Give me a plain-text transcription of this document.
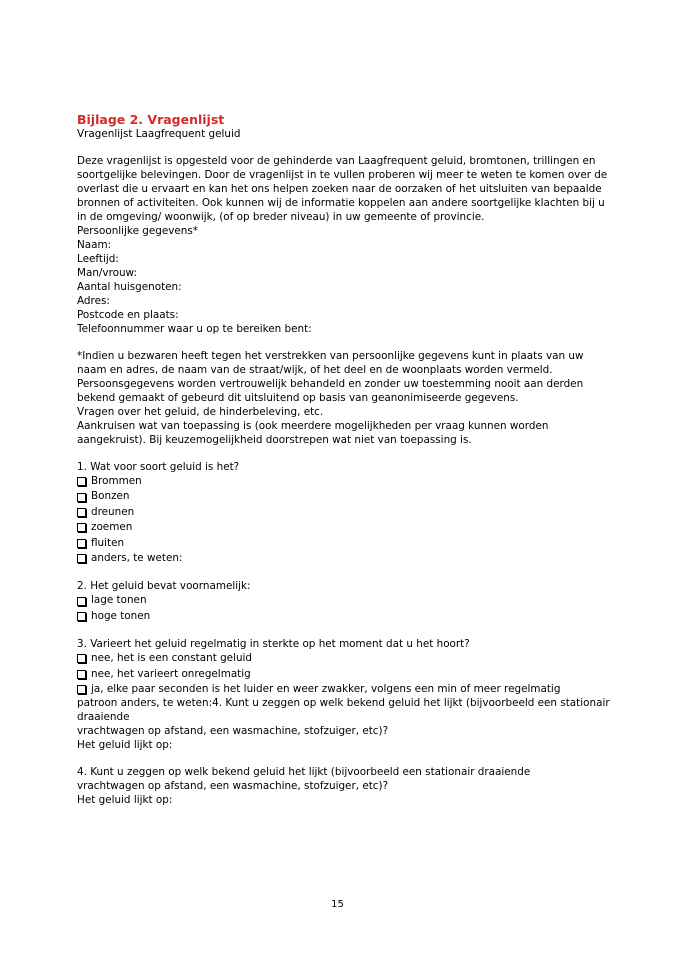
Bijlage 2. Vragenlijst

Vragenlijst Laagfrequent geluid

Deze vragenlijst is opgesteld voor de gehinderde van Laagfrequent geluid, bromtonen, trillingen en

soortgelijke belevingen. Door de vragenlijst in te vullen proberen wij meer te weten te komen over de

overlast die u ervaart en kan het ons helpen zoeken naar de oorzaken of het uitsluiten van bepaalde

bronnen of activiteiten. Ook kunnen wij de informatie koppelen aan andere soortgelijke klachten bij u

in de omgeving/ woonwijk, (of op breder niveau) in uw gemeente of provincie.

Persoonlijke gegevens*

Naam:

Leeftijd:

Man/vrouw:

Aantal huisgenoten:

Adres:

Postcode en plaats:

Telefoonnummer waar u op te bereiken bent:

*Indien u bezwaren heeft tegen het verstrekken van persoonlijke gegevens kunt in plaats van uw

naam en adres, de naam van de straat/wijk, of het deel en de woonplaats worden vermeld.

Persoonsgegevens worden vertrouwelijk behandeld en zonder uw toestemming nooit aan derden

bekend gemaakt of gebeurd dit uitsluitend op basis van geanonimiseerde gegevens.

Vragen over het geluid, de hinderbeleving, etc.

Aankruisen wat van toepassing is (ook meerdere mogelijkheden per vraag kunnen worden

aangekruist). Bij keuzemogelijkheid doorstrepen wat niet van toepassing is.

1. Wat voor soort geluid is het?

Brommen

Bonzen

dreunen

zoemen

fluiten

anders, te weten:

2. Het geluid bevat voornamelijk:

lage tonen

hoge tonen

3. Varieert het geluid regelmatig in sterkte op het moment dat u het hoort?

nee, het is een constant geluid

nee, het varieert onregelmatig

ja, elke paar seconden is het luider en weer zwakker, volgens een min of meer regelmatig

patroon anders, te weten:4. Kunt u zeggen op welk bekend geluid het lijkt (bijvoorbeeld een stationair

draaiende

vrachtwagen op afstand, een wasmachine, stofzuiger, etc)?

Het geluid lijkt op:

4. Kunt u zeggen op welk bekend geluid het lijkt (bijvoorbeeld een stationair draaiende

vrachtwagen op afstand, een wasmachine, stofzuiger, etc)?

Het geluid lijkt op:

15
